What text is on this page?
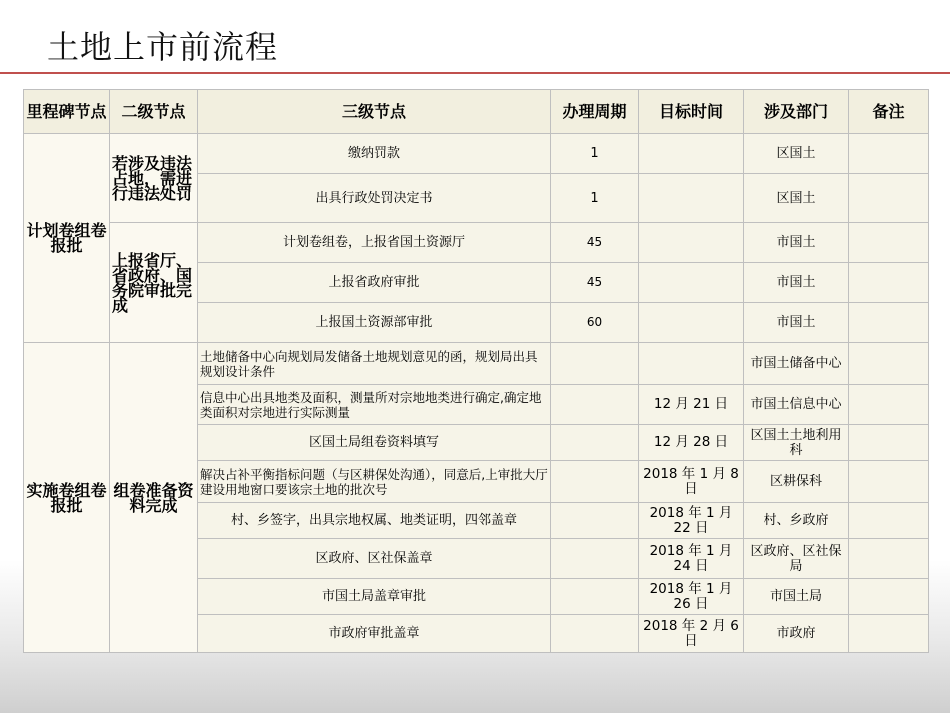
土地上市前流程
里程碑节点	二级节点	三级节点	办理周期	目标时间	涉及部门	备注
计划卷组卷报批	若涉及违法占地，需进行违法处罚	缴纳罚款	1		区国土	
		出具行政处罚决定书	1		区国土	
	上报省厅、省政府、国务院审批完成	计划卷组卷，上报省国土资源厅	45		市国土	
		上报省政府审批	45		市国土	
		上报国土资源部审批	60		市国土	
实施卷组卷报批	组卷准备资料完成	土地储备中心向规划局发储备土地规划意见的函，规划局出具规划设计条件			市国土储备中心	
		信息中心出具地类及面积，测量所对宗地地类进行确定,确定地类面积对宗地进行实际测量		12 月 21 日	市国土信息中心	
		区国土局组卷资料填写		12 月 28 日	区国土土地利用科	
		解决占补平衡指标问题（与区耕保处沟通），同意后,上审批大厅建设用地窗口要该宗土地的批次号		2018 年 1 月 8 日	区耕保科	
		村、乡签字，出具宗地权属、地类证明，四邻盖章		2018 年 1 月 22 日	村、乡政府	
		区政府、区社保盖章		2018 年 1 月 24 日	区政府、区社保局	
		市国土局盖章审批		2018 年 1 月 26 日	市国土局	
		市政府审批盖章		2018 年 2 月 6 日	市政府	
